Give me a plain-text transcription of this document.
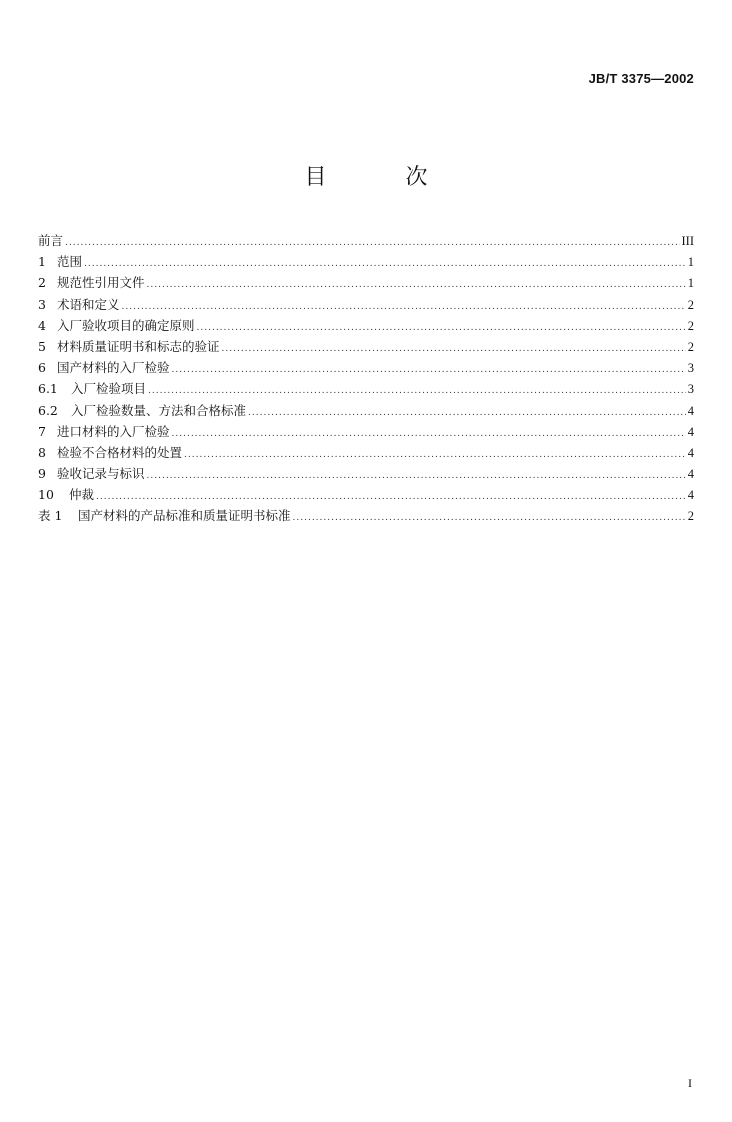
JB/T 3375—2002
目 次
前言 .....	III
1 范围 .....	1
2 规范性引用文件 .....	1
3 术语和定义 .....	2
4 入厂验收项目的确定原则 .....	2
5 材料质量证明书和标志的验证 .....	2
6 国产材料的入厂检验 .....	3
6.1	入厂检验项目 .....	3
6.2	入厂检验数量、方法和合格标准 .....	4
7 进口材料的入厂检验 .....	4
8 检验不合格材料的处置 .....	4
9 验收记录与标识 .....	4
10	仲裁 .....	4
表 1	国产材料的产品标准和质量证明书标准 .....	2
I
